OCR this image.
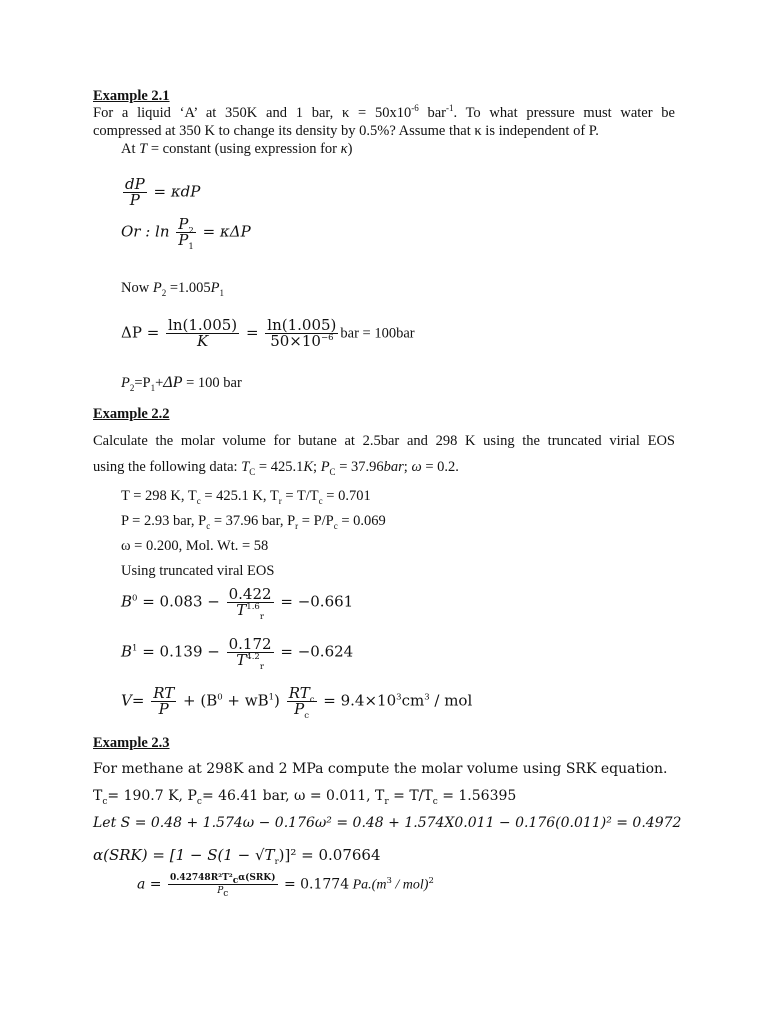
Example 2.1
For a liquid ‘A’ at 350K and 1 bar, $\kappa = 50x10^{-6}$ bar$^{-1}$. To what pressure must water be
compressed at 350 K to change its density by 0.5%? Assume that κ is independent of P.
At T = constant (using expression for κ)
$\frac{dP}{P} = \kappa dP$
Or : $\ln \frac{P_2}{P_1} = \kappa\Delta P$
Now $P_2 =1.005P_1$
$\Delta P = \frac{\ln(1.005)}{K} = \frac{\ln(1.005)}{50\times 10^{-6}}$ bar = 100bar
$P_2=P_1+\Delta P = 100$ bar
Example 2.2
Calculate the molar volume for butane at 2.5bar and 298 K using the truncated virial EOS
using the following data: $T_C = 425.1K$; $P_C = 37.96bar$; ω = 0.2.
T = 298 K, $T_c = 425.1$ K, $T_r = T/T_c = 0.701$
P = 2.93 bar, $P_c = 37.96$ bar, $P_r = P/P_c = 0.069$
ω = 0.200, Mol. Wt. = 58
Using truncated viral EOS
$B^0 = 0.083 - \frac{0.422}{T^{1.6}_r} = -0.661$
$B^1 = 0.139 - \frac{0.172}{T^{4.2}_r} = -0.624$
$V= \frac{RT}{P} + (B^0 + wB^1) \frac{RT_c}{P_c} = 9.4\times 10^3cm^3$ / mol
Example 2.3
For methane at 298K and 2 MPa compute the molar volume using SRK equation.
$T_c= 190.7$ K, $P_c= 46.41$ bar, ω = 0.011, $T_r = T/T_c = 1.56395$
Let S = 0.48 + 1.574ω − 0.176ω² = 0.48 + 1.574X0.011 − 0.176(0.011)² = 0.4972
$\alpha(SRK) = [1 - S(1 - √T_r)]^2 = 0.07664$
$a = \frac{0.42748R^2T^2_c\alpha(SRK)}{P_c} = 0.1774$ $Pa.(m^3 / mol)^2$
